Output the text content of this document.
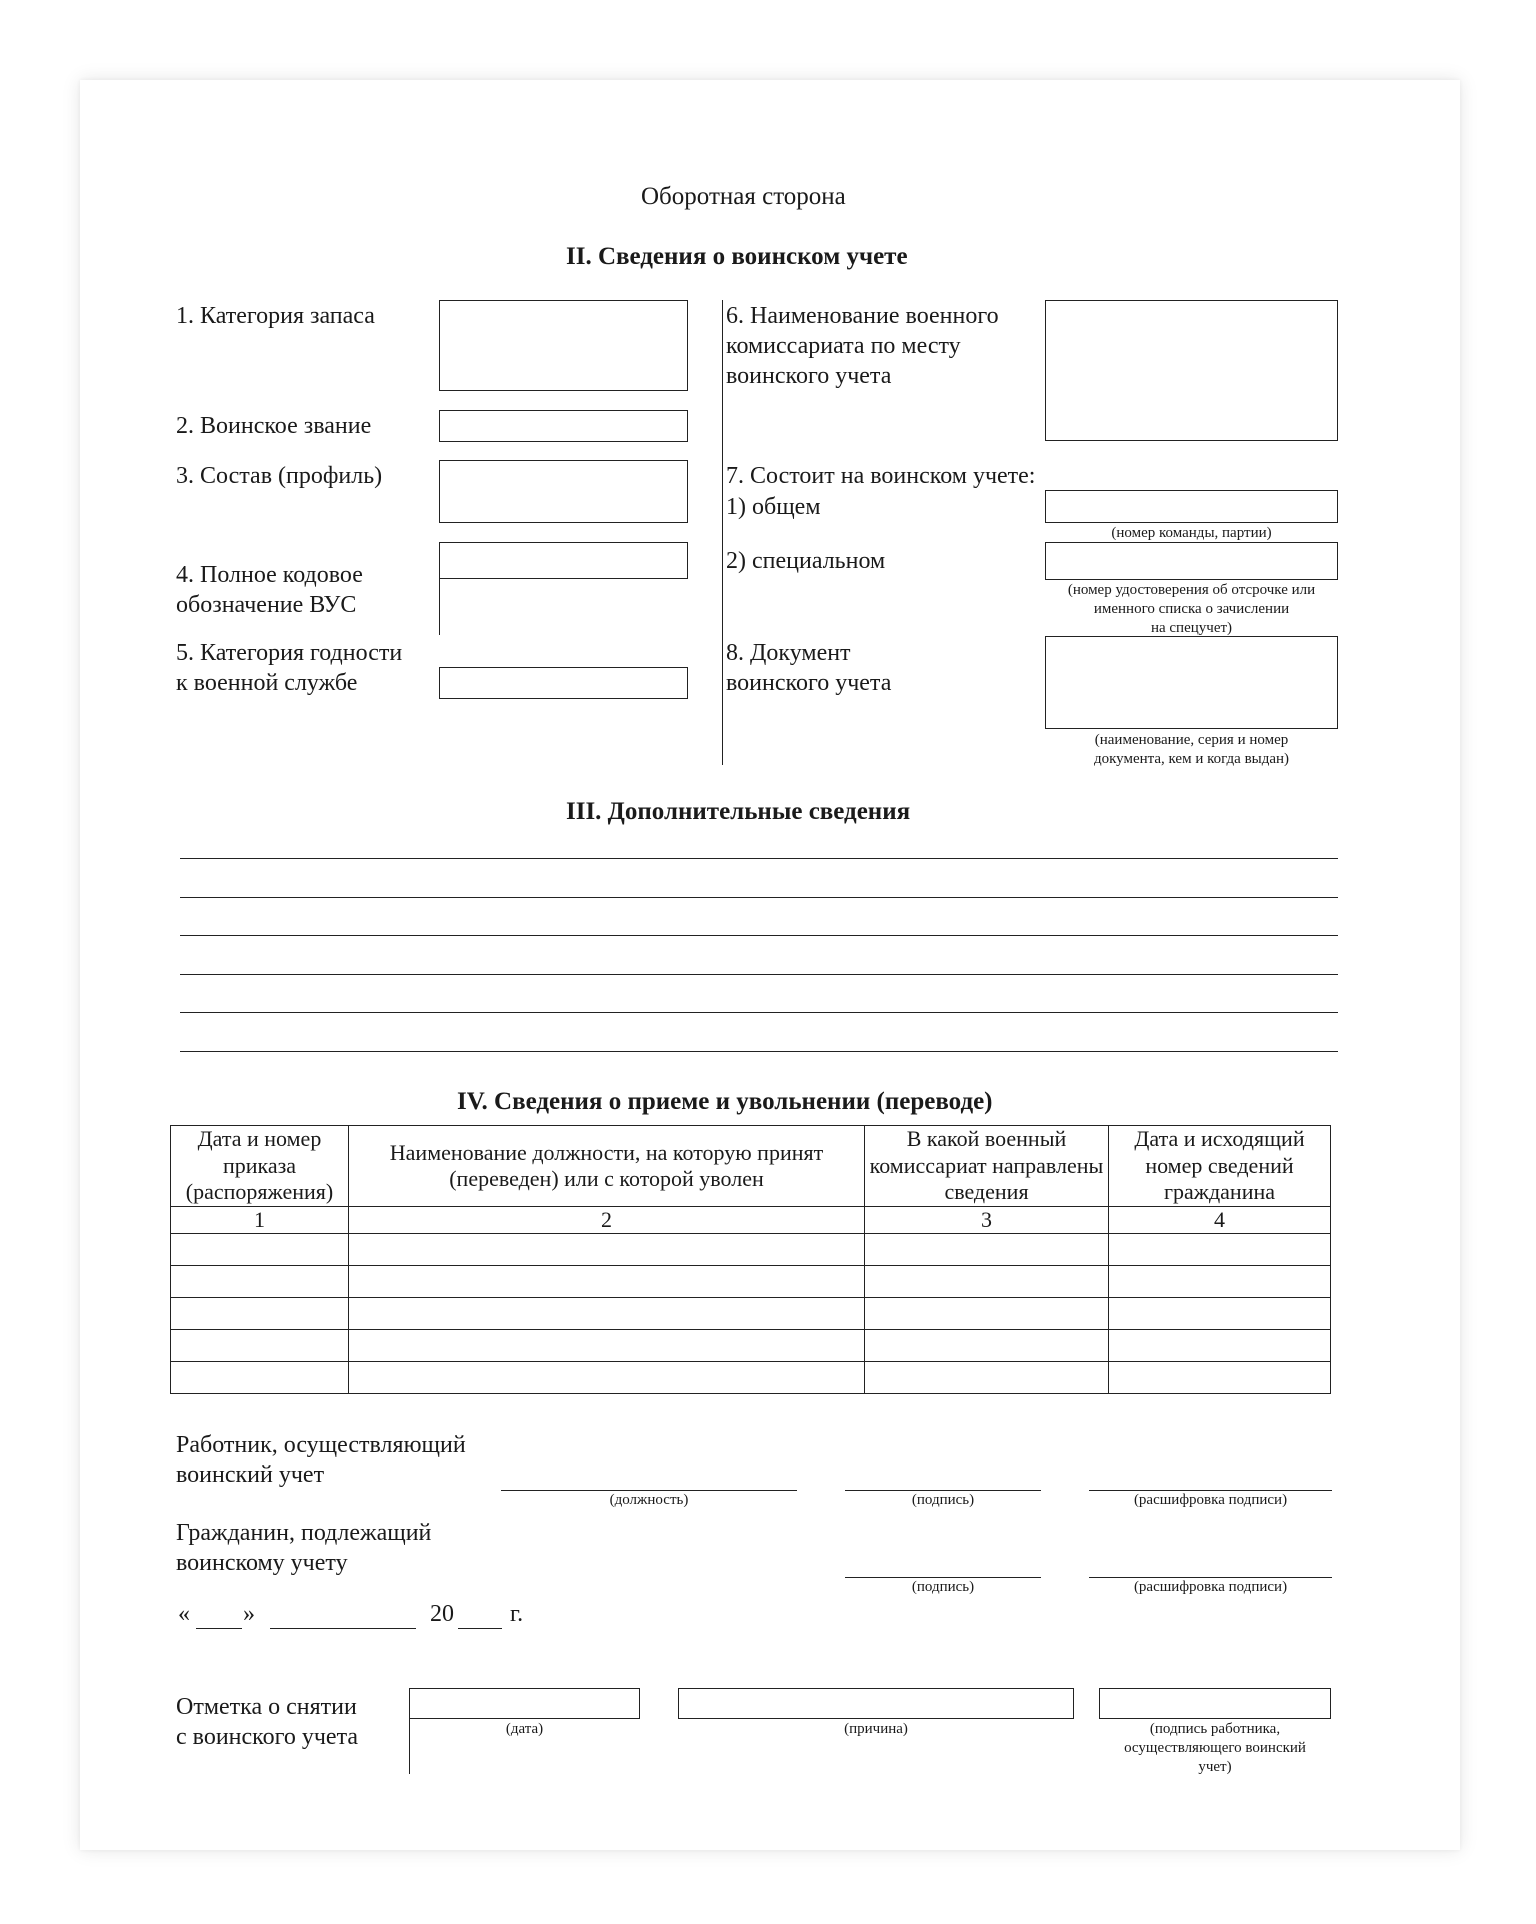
Оборотная сторона
II. Сведения о воинском учете
1. Категория запаса
2. Воинское звание
3. Состав (профиль)
4. Полное кодовое
обозначение ВУС
5. Категория годности
к военной службе
6. Наименование военного
комиссариата по месту
воинского учета
7. Состоит на воинском учете:
1) общем
(номер команды, партии)
2) специальном
(номер удостоверения об отсрочке или
именного списка о зачислении
на спецучет)
8. Документ
воинского учета
(наименование, серия и номер
документа, кем и когда выдан)
III. Дополнительные сведения
IV. Сведения о приеме и увольнении (переводе)
Дата и номер приказа (распоряжения)	Наименование должности, на которую принят (переведен) или с которой уволен	В какой военный комиссариат направлены сведения	Дата и исходящий номер сведений гражданина
1	2	3	4

Работник, осуществляющий
воинский учет
(должность)	(подпись)	(расшифровка подписи)
Гражданин, подлежащий
воинскому учету
(подпись)	(расшифровка подписи)
« »	20 г.
Отметка о снятии
с воинского учета	(дата)	(причина)	(подпись работника,
осуществляющего воинский
учет)
